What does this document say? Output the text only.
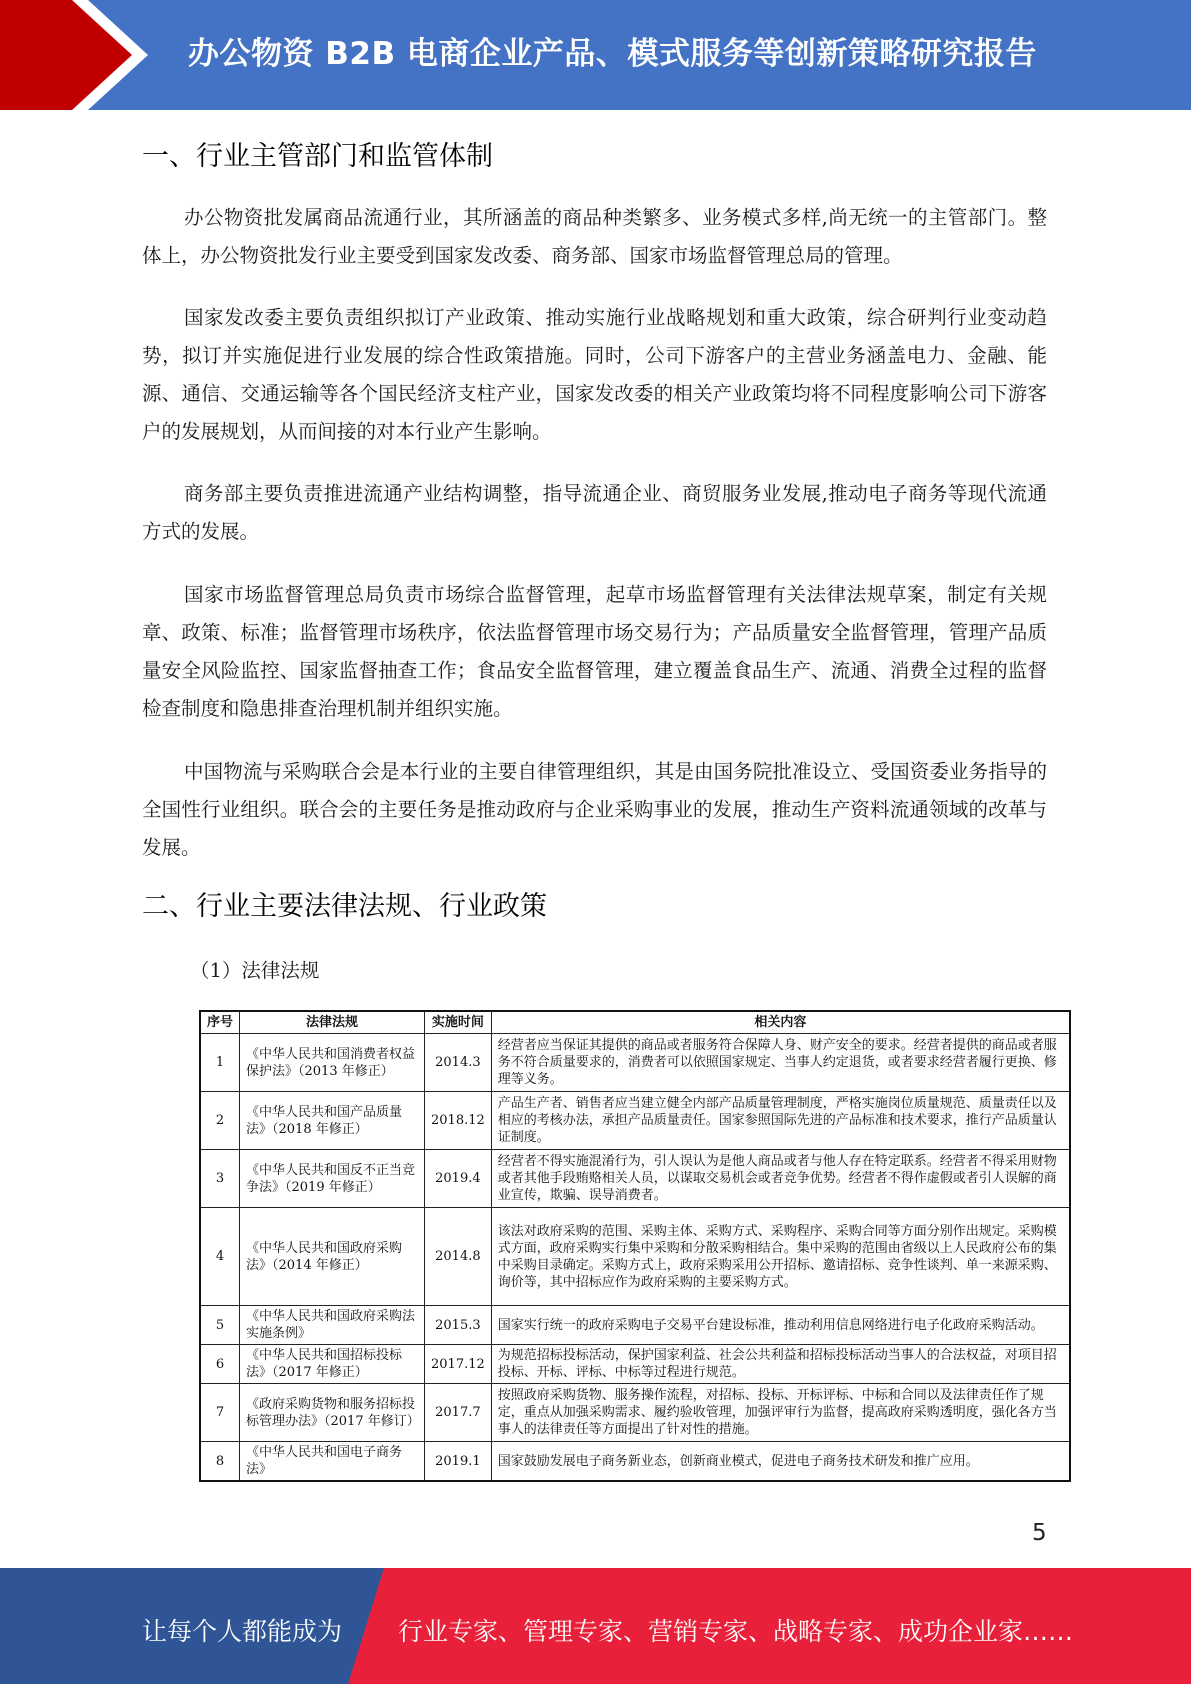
办公物资 B2B 电商企业产品、模式服务等创新策略研究报告
一、行业主管部门和监管体制

办公物资批发属商品流通行业，其所涵盖的商品种类繁多、业务模式多样,尚无统一的主管部门。整体上，办公物资批发行业主要受到国家发改委、商务部、国家市场监督管理总局的管理。

国家发改委主要负责组织拟订产业政策、推动实施行业战略规划和重大政策，综合研判行业变动趋势，拟订并实施促进行业发展的综合性政策措施。同时，公司下游客户的主营业务涵盖电力、金融、能源、通信、交通运输等各个国民经济支柱产业，国家发改委的相关产业政策均将不同程度影响公司下游客户的发展规划，从而间接的对本行业产生影响。

商务部主要负责推进流通产业结构调整，指导流通企业、商贸服务业发展,推动电子商务等现代流通方式的发展。

国家市场监督管理总局负责市场综合监督管理，起草市场监督管理有关法律法规草案，制定有关规章、政策、标准；监督管理市场秩序，依法监督管理市场交易行为；产品质量安全监督管理，管理产品质量安全风险监控、国家监督抽查工作；食品安全监督管理，建立覆盖食品生产、流通、消费全过程的监督检查制度和隐患排查治理机制并组织实施。

中国物流与采购联合会是本行业的主要自律管理组织，其是由国务院批准设立、受国资委业务指导的全国性行业组织。联合会的主要任务是推动政府与企业采购事业的发展，推动生产资料流通领域的改革与发展。

二、行业主要法律法规、行业政策
（1）法律法规
序号	法律法规	实施时间	相关内容
1	《中华人民共和国消费者权益保护法》（2013 年修正）	2014.3	经营者应当保证其提供的商品或者服务符合保障人身、财产安全的要求。经营者提供的商品或者服务不符合质量要求的，消费者可以依照国家规定、当事人约定退货，或者要求经营者履行更换、修理等义务。
2	《中华人民共和国产品质量法》（2018 年修正）	2018.12	产品生产者、销售者应当建立健全内部产品质量管理制度，严格实施岗位质量规范、质量责任以及相应的考核办法，承担产品质量责任。国家参照国际先进的产品标准和技术要求，推行产品质量认证制度。
3	《中华人民共和国反不正当竞争法》（2019 年修正）	2019.4	经营者不得实施混淆行为，引人误认为是他人商品或者与他人存在特定联系。经营者不得采用财物或者其他手段贿赂相关人员，以谋取交易机会或者竞争优势。经营者不得作虚假或者引人误解的商业宣传，欺骗、误导消费者。
4	《中华人民共和国政府采购法》（2014 年修正）	2014.8	该法对政府采购的范围、采购主体、采购方式、采购程序、采购合同等方面分别作出规定。采购模式方面，政府采购实行集中采购和分散采购相结合。集中采购的范围由省级以上人民政府公布的集中采购目录确定。采购方式上，政府采购采用公开招标、邀请招标、竞争性谈判、单一来源采购、询价等，其中招标应作为政府采购的主要采购方式。
5	《中华人民共和国政府采购法实施条例》	2015.3	国家实行统一的政府采购电子交易平台建设标准，推动利用信息网络进行电子化政府采购活动。
6	《中华人民共和国招标投标法》（2017 年修正）	2017.12	为规范招标投标活动，保护国家利益、社会公共利益和招标投标活动当事人的合法权益，对项目招投标、开标、评标、中标等过程进行规范。
7	《政府采购货物和服务招标投标管理办法》（2017 年修订）	2017.7	按照政府采购货物、服务操作流程，对招标、投标、开标评标、中标和合同以及法律责任作了规定，重点从加强采购需求、履约验收管理，加强评审行为监督，提高政府采购透明度，强化各方当事人的法律责任等方面提出了针对性的措施。
8	《中华人民共和国电子商务法》	2019.1	国家鼓励发展电子商务新业态，创新商业模式，促进电子商务技术研发和推广应用。
5
让每个人都能成为 行业专家、管理专家、营销专家、战略专家、成功企业家……
